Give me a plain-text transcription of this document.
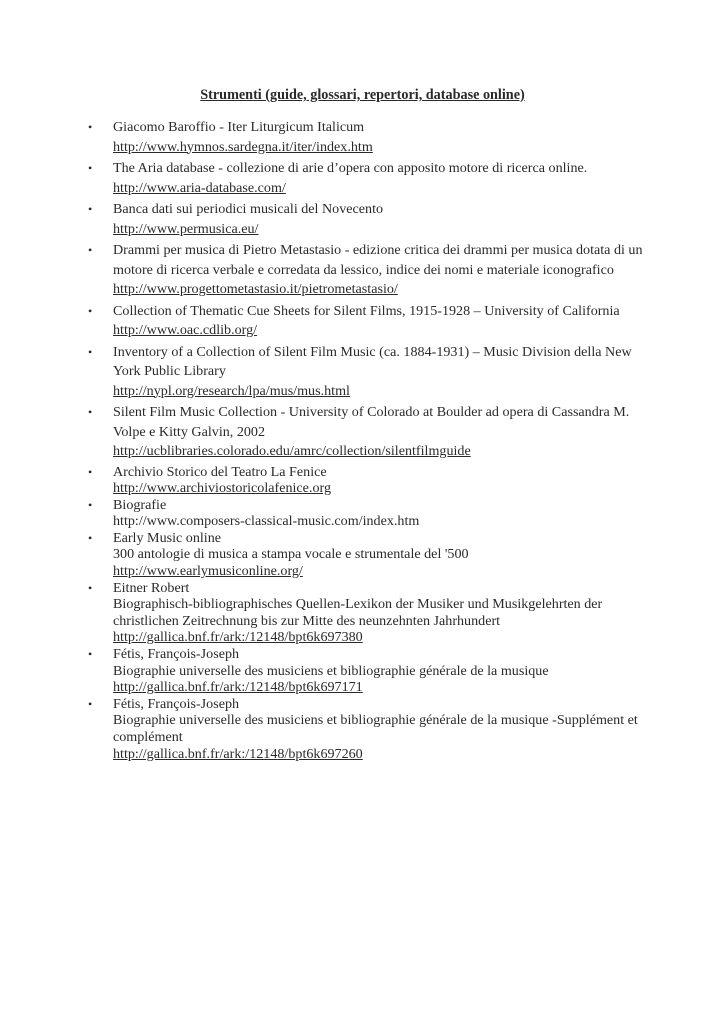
Strumenti (guide, glossari, repertori, database online)
• Giacomo Baroffio - Iter Liturgicum Italicum
http://www.hymnos.sardegna.it/iter/index.htm
• The Aria database - collezione di arie d’opera con apposito motore di ricerca online.
http://www.aria-database.com/
• Banca dati sui periodici musicali del Novecento
http://www.permusica.eu/
• Drammi per musica di Pietro Metastasio - edizione critica dei drammi per musica dotata di un motore di ricerca verbale e corredata da lessico, indice dei nomi e materiale iconografico
http://www.progettometastasio.it/pietrometastasio/
• Collection of Thematic Cue Sheets for Silent Films, 1915-1928 – University of California
http://www.oac.cdlib.org/
• Inventory of a Collection of Silent Film Music (ca. 1884-1931) – Music Division della New York Public Library
http://nypl.org/research/lpa/mus/mus.html
• Silent Film Music Collection - University of Colorado at Boulder ad opera di Cassandra M. Volpe e Kitty Galvin, 2002
http://ucblibraries.colorado.edu/amrc/collection/silentfilmguide
• Archivio Storico del Teatro La Fenice
http://www.archiviostoricolafenice.org
• Biografie
http://www.composers-classical-music.com/index.htm
• Early Music online
300 antologie di musica a stampa vocale e strumentale del '500
http://www.earlymusiconline.org/
• Eitner Robert
Biographisch-bibliographisches Quellen-Lexikon der Musiker und Musikgelehrten der christlichen Zeitrechnung bis zur Mitte des neunzehnten Jahrhundert
http://gallica.bnf.fr/ark:/12148/bpt6k697380
• Fétis, François-Joseph
Biographie universelle des musiciens et bibliographie générale de la musique
http://gallica.bnf.fr/ark:/12148/bpt6k697171
• Fétis, François-Joseph
Biographie universelle des musiciens et bibliographie générale de la musique -Supplément et complément
http://gallica.bnf.fr/ark:/12148/bpt6k697260
